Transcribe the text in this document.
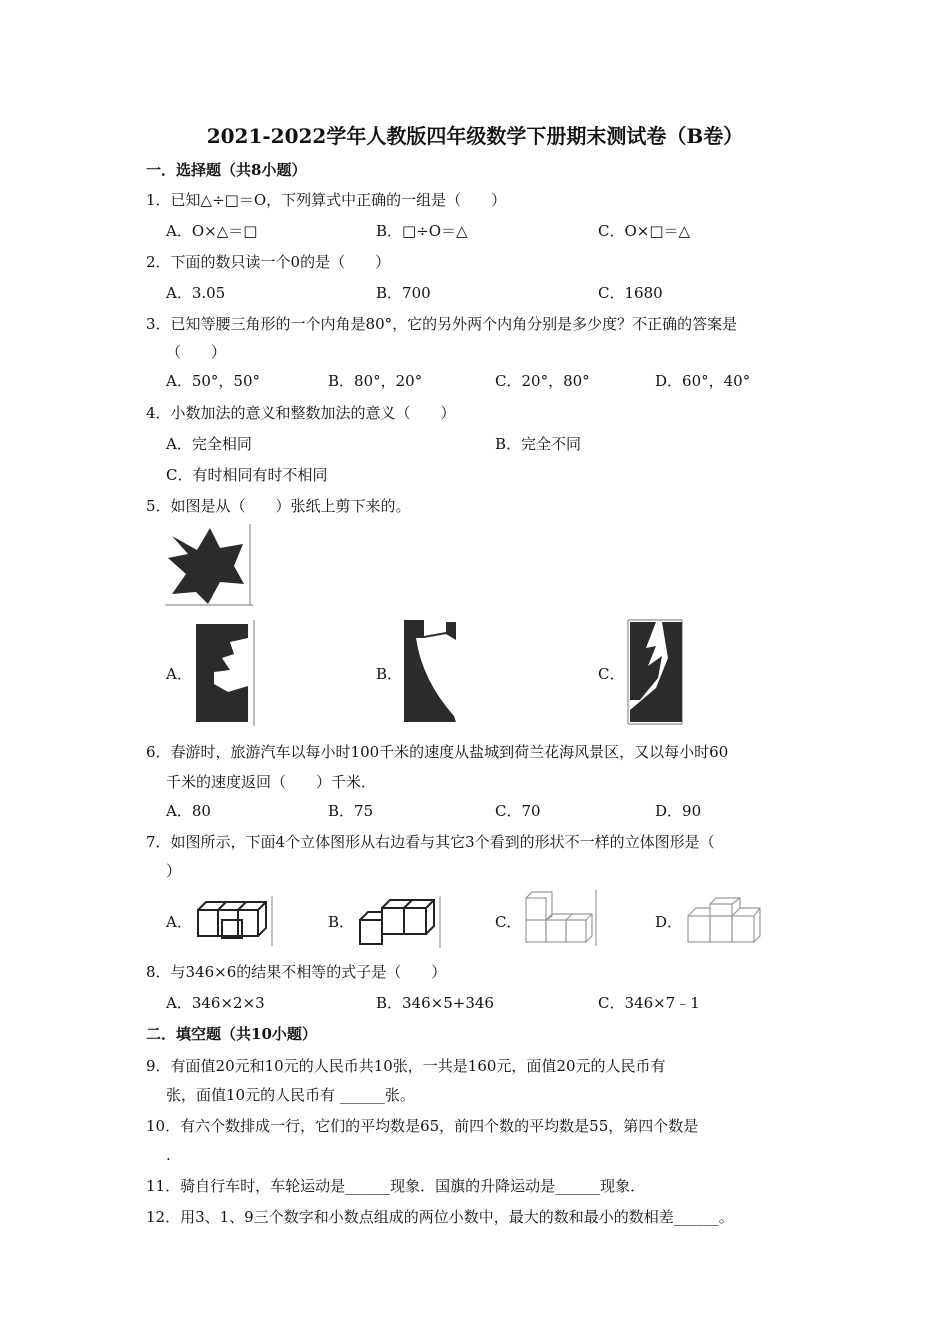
2021-2022学年人教版四年级数学下册期末测试卷（B卷）
一．选择题（共8小题）
1．已知△÷□＝O，下列算式中正确的一组是（　　）
A．O×△＝□	B．□÷O＝△	C．O×□＝△
2．下面的数只读一个0的是（　　）
A．3.05	B．700	C．1680
3．已知等腰三角形的一个内角是80°，它的另外两个内角分别是多少度？不正确的答案是
（　　）
A．50°，50°	B．80°，20°	C．20°，80°	D．60°，40°
4．小数加法的意义和整数加法的意义（　　）
A．完全相同	B．完全不同
C．有时相同有时不相同
5．如图是从（　　）张纸上剪下来的。
A．	B．	C．
6．春游时，旅游汽车以每小时100千米的速度从盐城到荷兰花海风景区，又以每小时60
千米的速度返回（　　）千米．
A．80	B．75	C．70	D．90
7．如图所示，下面4个立体图形从右边看与其它3个看到的形状不一样的立体图形是（
）
A．	B．	C．	D．
8．与346×6的结果不相等的式子是（　　）
A．346×2×3	B．346×5+346	C．346×7﹣1
二．填空题（共10小题）
9．有面值20元和10元的人民币共10张，一共是160元，面值20元的人民币有
张，面值10元的人民币有 ______张。
10．有六个数排成一行，它们的平均数是65，前四个数的平均数是55，第四个数是
.
11．骑自行车时，车轮运动是______现象．国旗的升降运动是______现象．
12．用3、1、9三个数字和小数点组成的两位小数中，最大的数和最小的数相差______。
